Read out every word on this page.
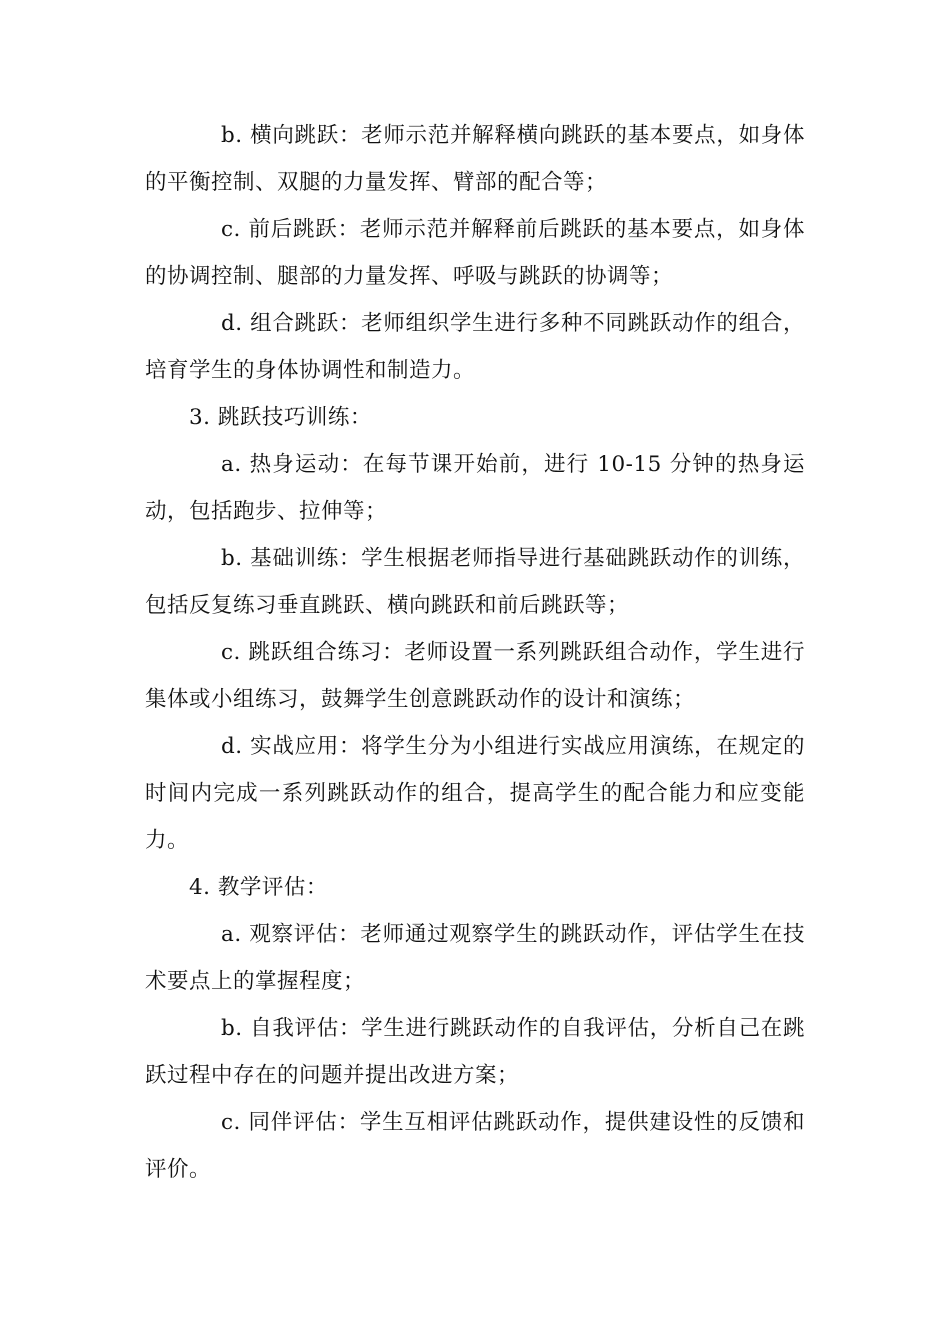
b. 横向跳跃：老师示范并解释横向跳跃的基本要点，如身体的平衡控制、双腿的力量发挥、臂部的配合等；

c. 前后跳跃：老师示范并解释前后跳跃的基本要点，如身体的协调控制、腿部的力量发挥、呼吸与跳跃的协调等；

d. 组合跳跃：老师组织学生进行多种不同跳跃动作的组合，培育学生的身体协调性和制造力。

3. 跳跃技巧训练：

a. 热身运动：在每节课开始前，进行 10-15 分钟的热身运动，包括跑步、拉伸等；

b. 基础训练：学生根据老师指导进行基础跳跃动作的训练，包括反复练习垂直跳跃、横向跳跃和前后跳跃等；

c. 跳跃组合练习：老师设置一系列跳跃组合动作，学生进行集体或小组练习，鼓舞学生创意跳跃动作的设计和演练；

d. 实战应用：将学生分为小组进行实战应用演练，在规定的时间内完成一系列跳跃动作的组合，提高学生的配合能力和应变能力。

4. 教学评估：

a. 观察评估：老师通过观察学生的跳跃动作，评估学生在技术要点上的掌握程度；

b. 自我评估：学生进行跳跃动作的自我评估，分析自己在跳跃过程中存在的问题并提出改进方案；

c. 同伴评估：学生互相评估跳跃动作，提供建设性的反馈和评价。
